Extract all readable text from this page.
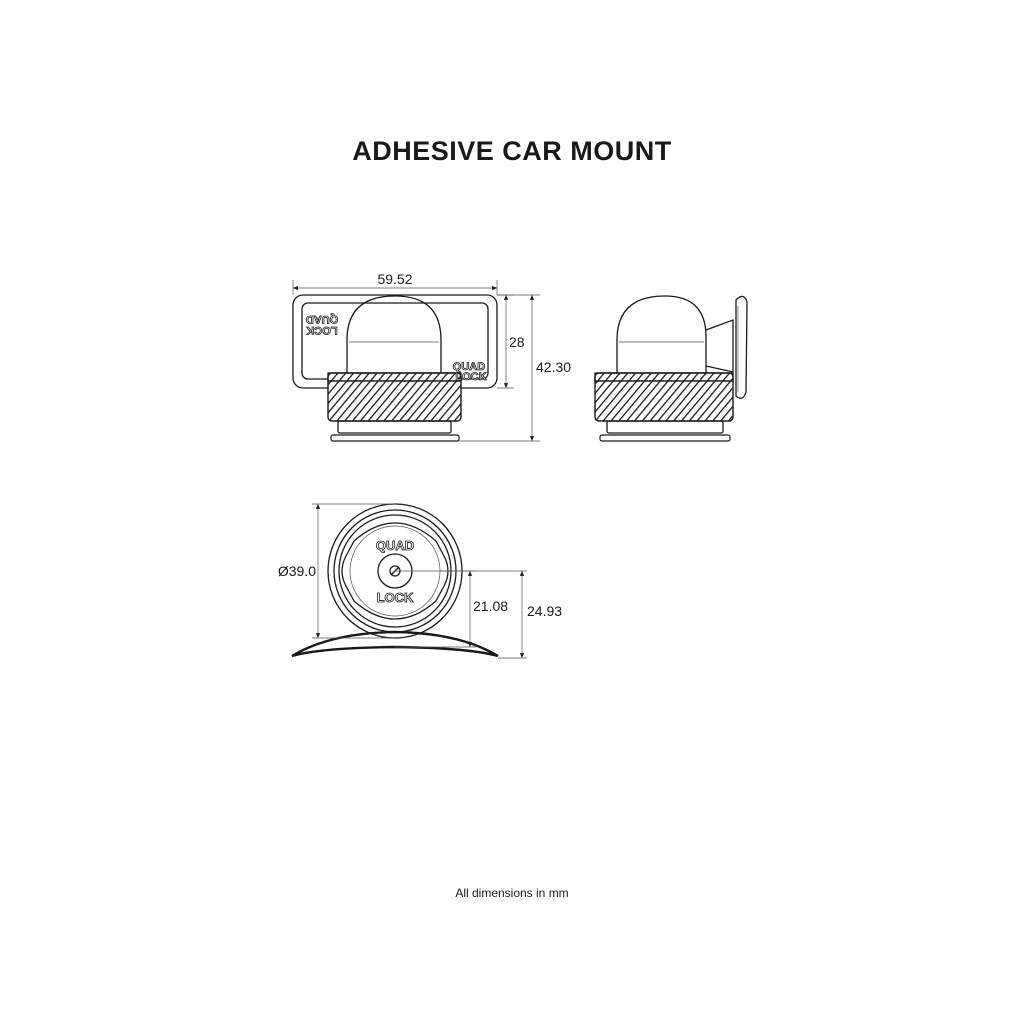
ADHESIVE CAR MOUNT
QUAD
LOCK
QUAD
LOCK
59.52
28
42.30
QUAD
LOCK
Ø39.0
21.08 24.93
All dimensions in mm
